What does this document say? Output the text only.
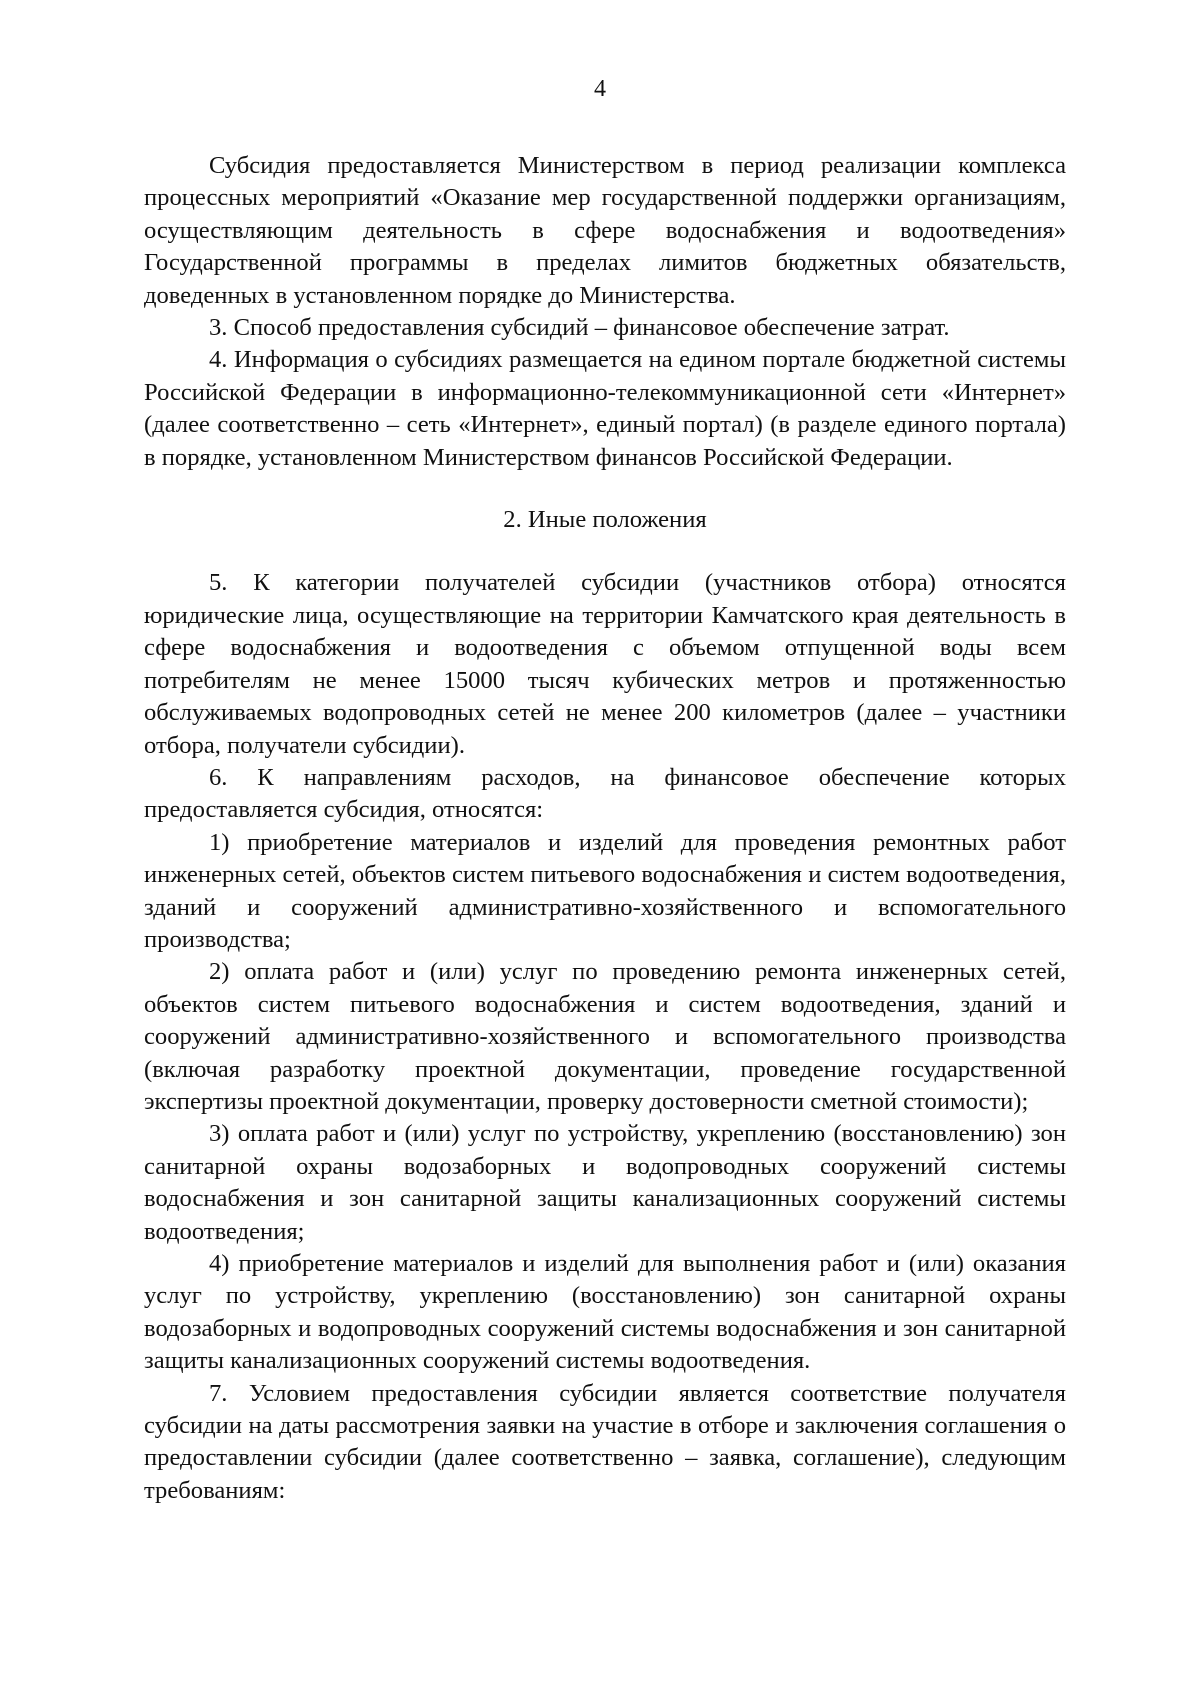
4

Субсидия предоставляется Министерством в период реализации комплекса процессных мероприятий «Оказание мер государственной поддержки организациям, осуществляющим деятельность в сфере водоснабжения и водоотведения» Государственной программы в пределах лимитов бюджетных обязательств, доведенных в установленном порядке до Министерства.

3. Способ предоставления субсидий – финансовое обеспечение затрат.

4. Информация о субсидиях размещается на едином портале бюджетной системы Российской Федерации в информационно-телекоммуникационной сети «Интернет» (далее соответственно – сеть «Интернет», единый портал) (в разделе единого портала) в порядке, установленном Министерством финансов Российской Федерации.

2. Иные положения

5. К категории получателей субсидии (участников отбора) относятся юридические лица, осуществляющие на территории Камчатского края деятельность в сфере водоснабжения и водоотведения с объемом отпущенной воды всем потребителям не менее 15000 тысяч кубических метров и протяженностью обслуживаемых водопроводных сетей не менее 200 километров (далее – участники отбора, получатели субсидии).

6. К направлениям расходов, на финансовое обеспечение которых предоставляется субсидия, относятся:

1) приобретение материалов и изделий для проведения ремонтных работ инженерных сетей, объектов систем питьевого водоснабжения и систем водоотведения, зданий и сооружений административно-хозяйственного и вспомогательного производства;

2) оплата работ и (или) услуг по проведению ремонта инженерных сетей, объектов систем питьевого водоснабжения и систем водоотведения, зданий и сооружений административно-хозяйственного и вспомогательного производства (включая разработку проектной документации, проведение государственной экспертизы проектной документации, проверку достоверности сметной стоимости);

3) оплата работ и (или) услуг по устройству, укреплению (восстановлению) зон санитарной охраны водозаборных и водопроводных сооружений системы водоснабжения и зон санитарной защиты канализационных сооружений системы водоотведения;

4) приобретение материалов и изделий для выполнения работ и (или) оказания услуг по устройству, укреплению (восстановлению) зон санитарной охраны водозаборных и водопроводных сооружений системы водоснабжения и зон санитарной защиты канализационных сооружений системы водоотведения.

7. Условием предоставления субсидии является соответствие получателя субсидии на даты рассмотрения заявки на участие в отборе и заключения соглашения о предоставлении субсидии (далее соответственно – заявка, соглашение), следующим требованиям:
